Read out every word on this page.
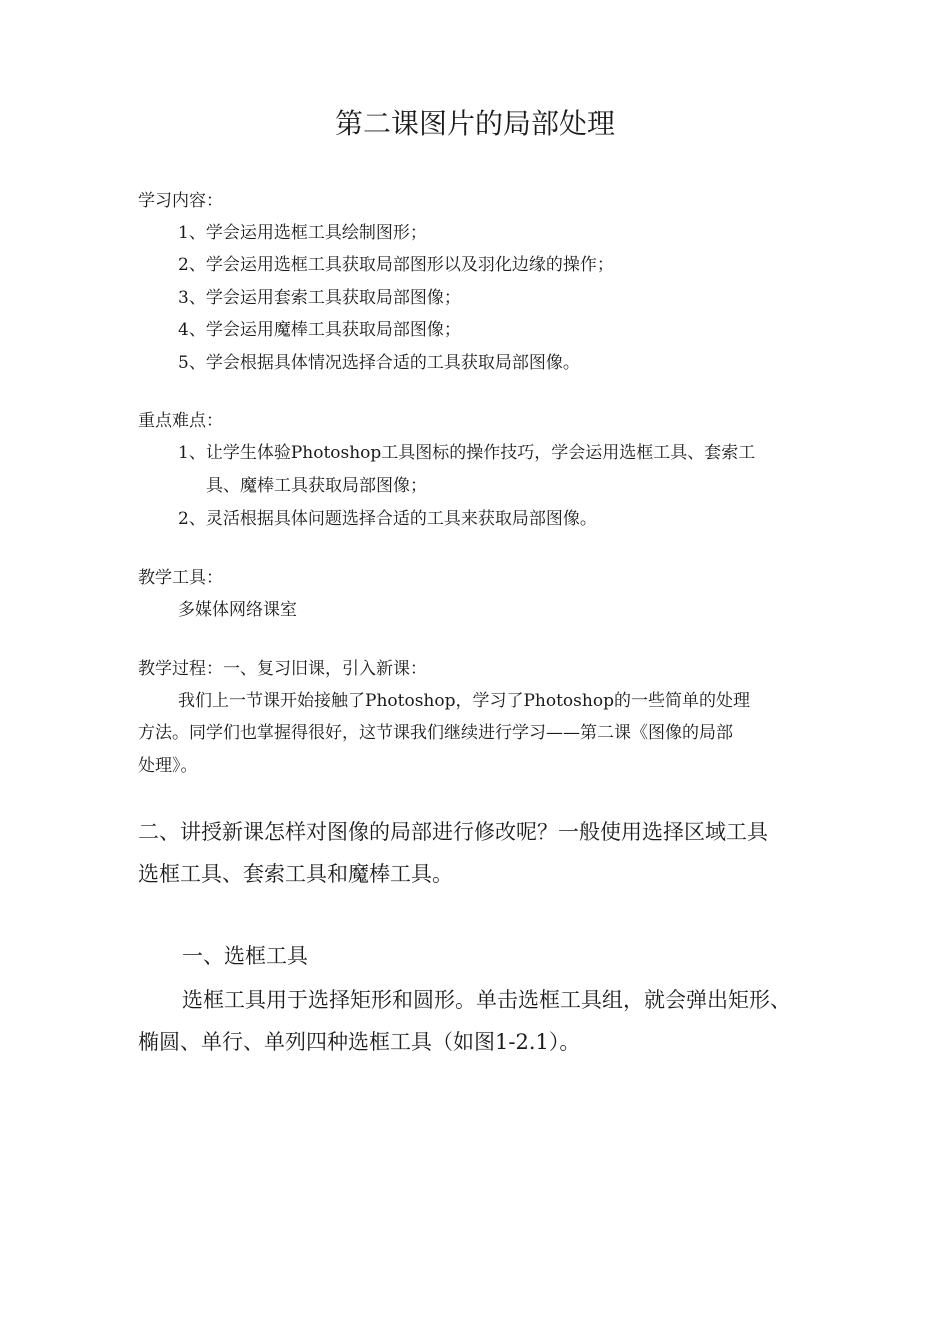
第二课图片的局部处理
学习内容：
1、学会运用选框工具绘制图形；
2、学会运用选框工具获取局部图形以及羽化边缘的操作；
3、学会运用套索工具获取局部图像；
4、学会运用魔棒工具获取局部图像；
5、学会根据具体情况选择合适的工具获取局部图像。
重点难点：
1、让学生体验Photoshop工具图标的操作技巧，学会运用选框工具、套索工
具、魔棒工具获取局部图像；
2、灵活根据具体问题选择合适的工具来获取局部图像。
教学工具：
多媒体网络课室
教学过程：一、复习旧课，引入新课：
我们上一节课开始接触了Photoshop，学习了Photoshop的一些简单的处理
方法。同学们也掌握得很好，这节课我们继续进行学习——第二课《图像的局部
处理》。
二、讲授新课怎样对图像的局部进行修改呢？一般使用选择区域工具
选框工具、套索工具和魔棒工具。
一、选框工具
选框工具用于选择矩形和圆形。单击选框工具组，就会弹出矩形、
椭圆、单行、单列四种选框工具（如图1-2.1）。
